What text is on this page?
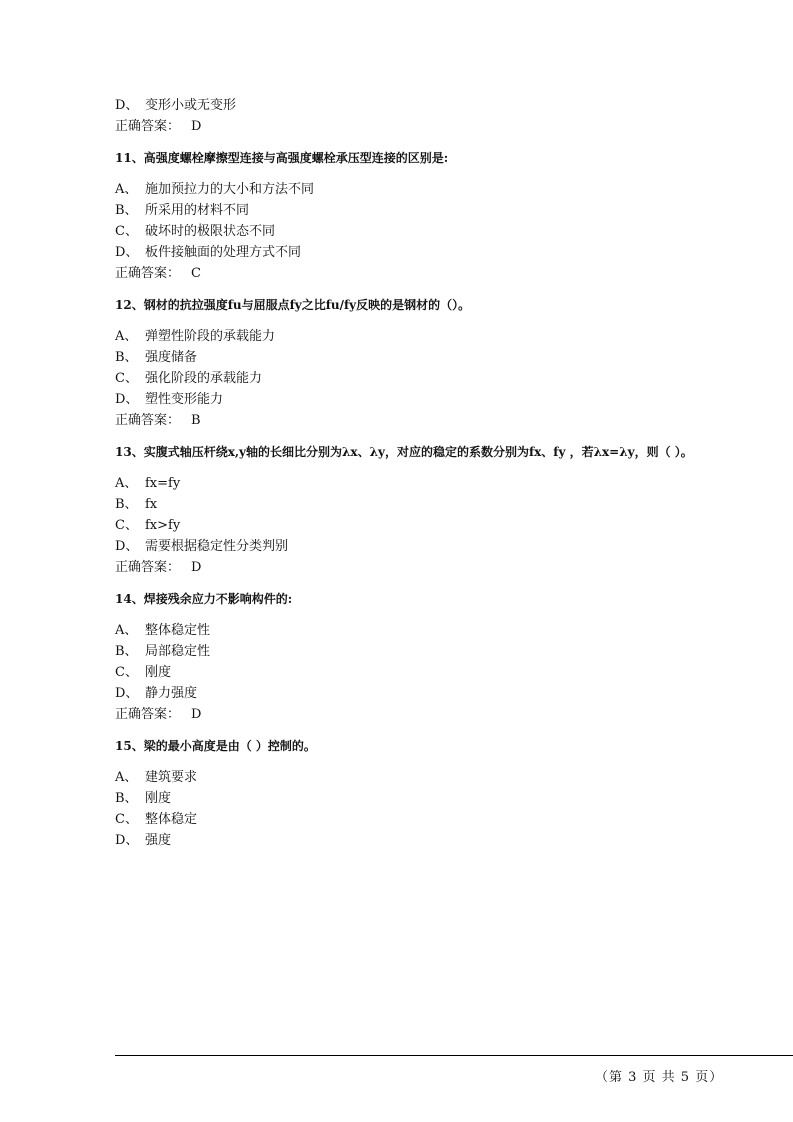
D、 变形小或无变形
正确答案： D
11、高强度螺栓摩擦型连接与高强度螺栓承压型连接的区别是:
A、 施加预拉力的大小和方法不同
B、 所采用的材料不同
C、 破坏时的极限状态不同
D、 板件接触面的处理方式不同
正确答案： C
12、钢材的抗拉强度fu与屈服点fy之比fu/fy反映的是钢材的（）。
A、 弹塑性阶段的承载能力
B、 强度储备
C、 强化阶段的承载能力
D、 塑性变形能力
正确答案： B
13、实腹式轴压杆绕x,y轴的长细比分别为λx、λy，对应的稳定的系数分别为fx、fy ，若λx=λy，则（ ）。
A、 fx=fy
B、 fx
C、 fx>fy
D、 需要根据稳定性分类判别
正确答案： D
14、焊接残余应力不影响构件的:
A、 整体稳定性
B、 局部稳定性
C、 刚度
D、 静力强度
正确答案： D
15、梁的最小高度是由（ ）控制的。
A、 建筑要求
B、 刚度
C、 整体稳定
D、 强度
（第 3 页 共 5 页）
